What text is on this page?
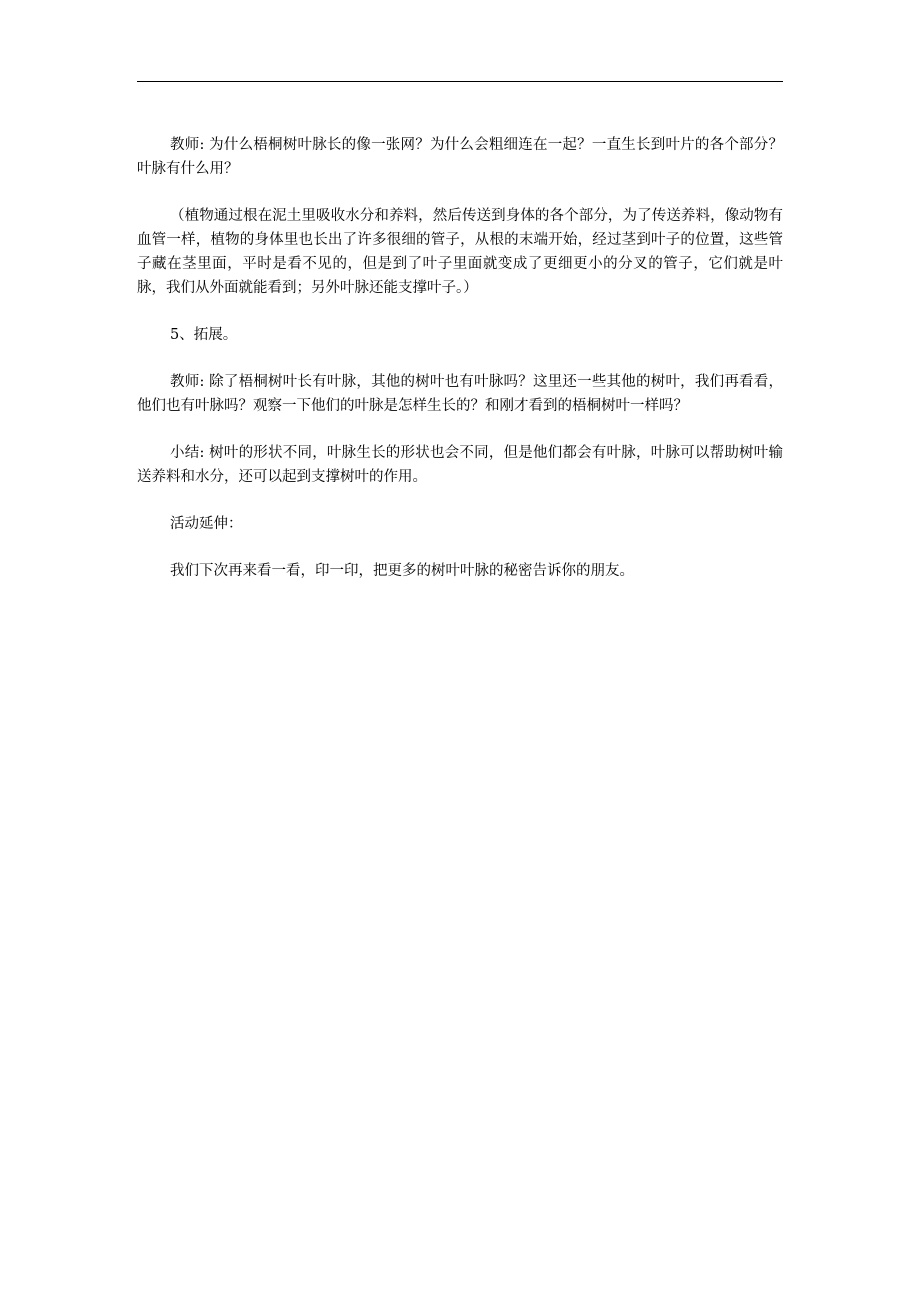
教师: 为什么梧桐树叶脉长的像一张网？为什么会粗细连在一起？一直生长到叶片的各个部分？叶脉有什么用？

（植物通过根在泥土里吸收水分和养料，然后传送到身体的各个部分，为了传送养料，像动物有血管一样，植物的身体里也长出了许多很细的管子，从根的末端开始，经过茎到叶子的位置，这些管子藏在茎里面，平时是看不见的，但是到了叶子里面就变成了更细更小的分叉的管子，它们就是叶脉，我们从外面就能看到；另外叶脉还能支撑叶子。）

5、拓展。

教师: 除了梧桐树叶长有叶脉，其他的树叶也有叶脉吗？这里还一些其他的树叶，我们再看看，他们也有叶脉吗？观察一下他们的叶脉是怎样生长的？和刚才看到的梧桐树叶一样吗？

小结: 树叶的形状不同，叶脉生长的形状也会不同，但是他们都会有叶脉，叶脉可以帮助树叶输送养料和水分，还可以起到支撑树叶的作用。

活动延伸：

我们下次再来看一看，印一印，把更多的树叶叶脉的秘密告诉你的朋友。
